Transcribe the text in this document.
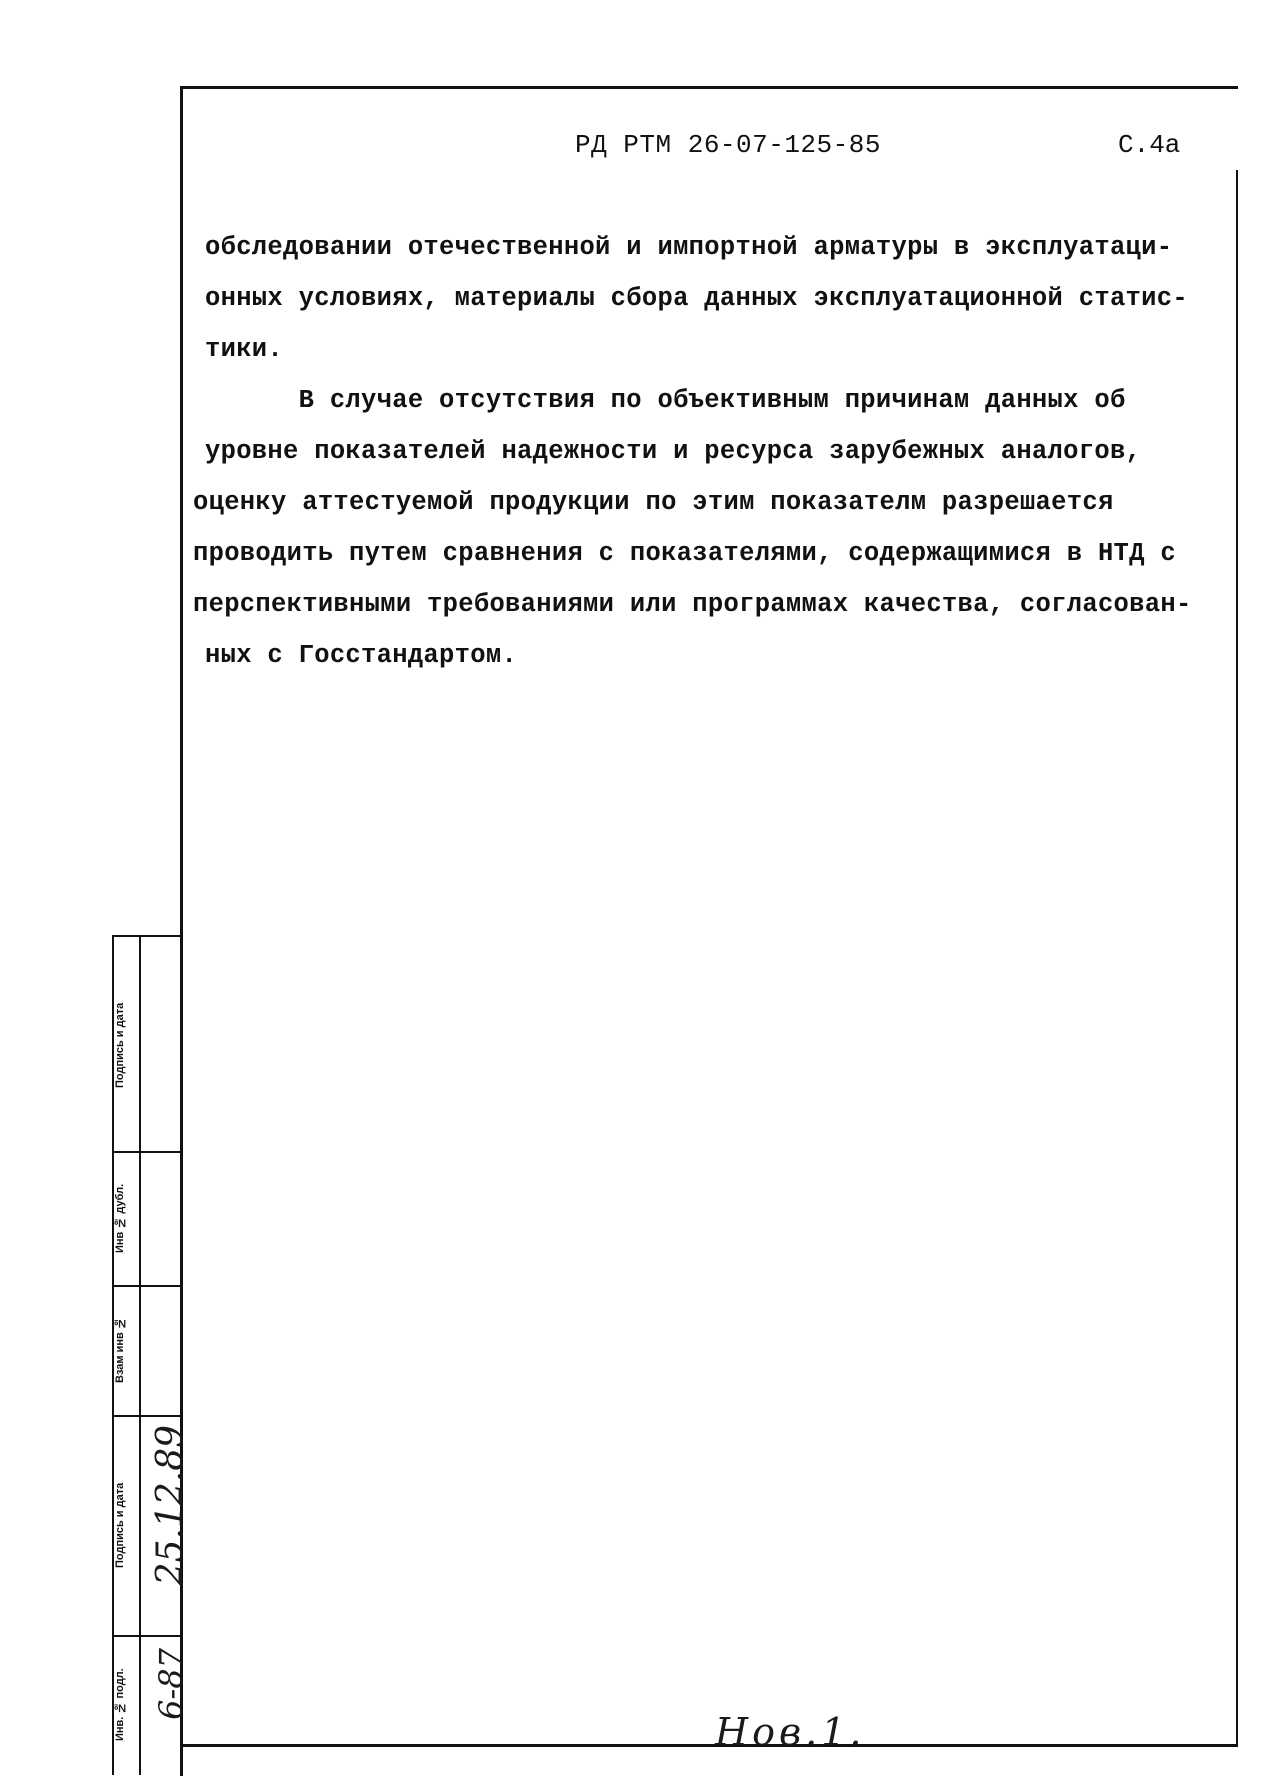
РД РТМ 26-07-125-85	С.4а
обследовании отечественной и импортной арматуры в эксплуатаци-
онных условиях, материалы сбора данных эксплуатационной статис-
тики.
В случае отсутствия по объективным причинам данных об
уровне показателей надежности и ресурса зарубежных аналогов,
оценку аттестуемой продукции по этим показателм разрешается
проводить путем сравнения с показателями, содержащимися в НТД с
перспективными требованиями или программах качества, согласован-
ных с Госстандартом.
Подпись и дата
Инв № дубл.
Взам инв №
Подпись и дата
Инв. № подл.
25.12.89
6-87
Нов.1.
